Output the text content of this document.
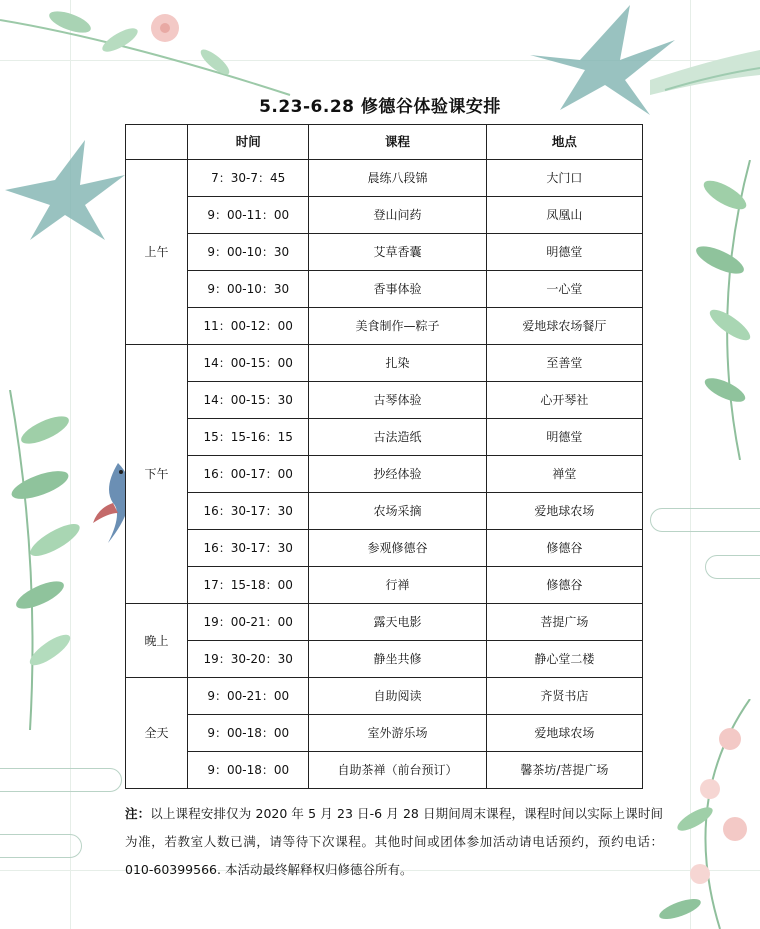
5.23-6.28 修德谷体验课安排
	时间	课程	地点
上午	7：30-7：45	晨练八段锦	大门口
	9：00-11：00	登山问药	凤凰山
	9：00-10：30	艾草香囊	明德堂
	9：00-10：30	香事体验	一心堂
	11：00-12：00	美食制作—粽子	爱地球农场餐厅
下午	14：00-15：00	扎染	至善堂
	14：00-15：30	古琴体验	心开琴社
	15：15-16：15	古法造纸	明德堂
	16：00-17：00	抄经体验	禅堂
	16：30-17：30	农场采摘	爱地球农场
	16：30-17：30	参观修德谷	修德谷
	17：15-18：00	行禅	修德谷
晚上	19：00-21：00	露天电影	菩提广场
	19：30-20：30	静坐共修	静心堂二楼
全天	9：00-21：00	自助阅读	齐贤书店
	9：00-18：00	室外游乐场	爱地球农场
	9：00-18：00	自助茶禅（前台预订）	馨茶坊/菩提广场
注：以上课程安排仅为 2020 年 5 月 23 日-6 月 28 日期间周末课程，课程时间以实际上课时间为准，若教室人数已满，请等待下次课程。其他时间或团体参加活动请电话预约，预约电话：010-60399566. 本活动最终解释权归修德谷所有。
